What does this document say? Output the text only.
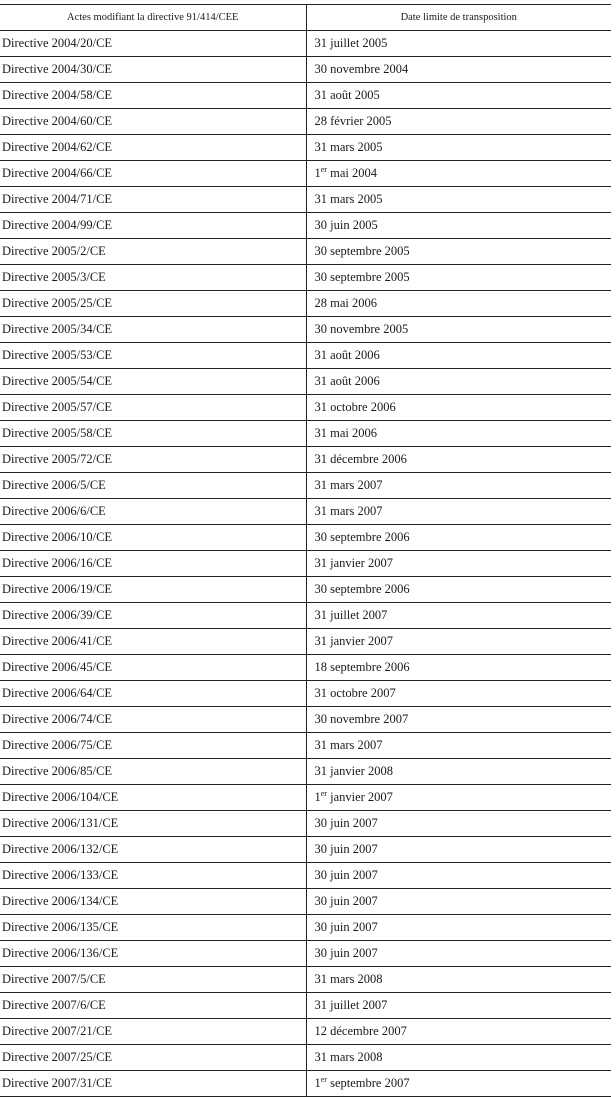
Actes modifiant la directive 91/414/CEE	Date limite de transposition
Directive 2004/20/CE	31 juillet 2005
Directive 2004/30/CE	30 novembre 2004
Directive 2004/58/CE	31 août 2005
Directive 2004/60/CE	28 février 2005
Directive 2004/62/CE	31 mars 2005
Directive 2004/66/CE	1er mai 2004
Directive 2004/71/CE	31 mars 2005
Directive 2004/99/CE	30 juin 2005
Directive 2005/2/CE	30 septembre 2005
Directive 2005/3/CE	30 septembre 2005
Directive 2005/25/CE	28 mai 2006
Directive 2005/34/CE	30 novembre 2005
Directive 2005/53/CE	31 août 2006
Directive 2005/54/CE	31 août 2006
Directive 2005/57/CE	31 octobre 2006
Directive 2005/58/CE	31 mai 2006
Directive 2005/72/CE	31 décembre 2006
Directive 2006/5/CE	31 mars 2007
Directive 2006/6/CE	31 mars 2007
Directive 2006/10/CE	30 septembre 2006
Directive 2006/16/CE	31 janvier 2007
Directive 2006/19/CE	30 septembre 2006
Directive 2006/39/CE	31 juillet 2007
Directive 2006/41/CE	31 janvier 2007
Directive 2006/45/CE	18 septembre 2006
Directive 2006/64/CE	31 octobre 2007
Directive 2006/74/CE	30 novembre 2007
Directive 2006/75/CE	31 mars 2007
Directive 2006/85/CE	31 janvier 2008
Directive 2006/104/CE	1er janvier 2007
Directive 2006/131/CE	30 juin 2007
Directive 2006/132/CE	30 juin 2007
Directive 2006/133/CE	30 juin 2007
Directive 2006/134/CE	30 juin 2007
Directive 2006/135/CE	30 juin 2007
Directive 2006/136/CE	30 juin 2007
Directive 2007/5/CE	31 mars 2008
Directive 2007/6/CE	31 juillet 2007
Directive 2007/21/CE	12 décembre 2007
Directive 2007/25/CE	31 mars 2008
Directive 2007/31/CE	1er septembre 2007
